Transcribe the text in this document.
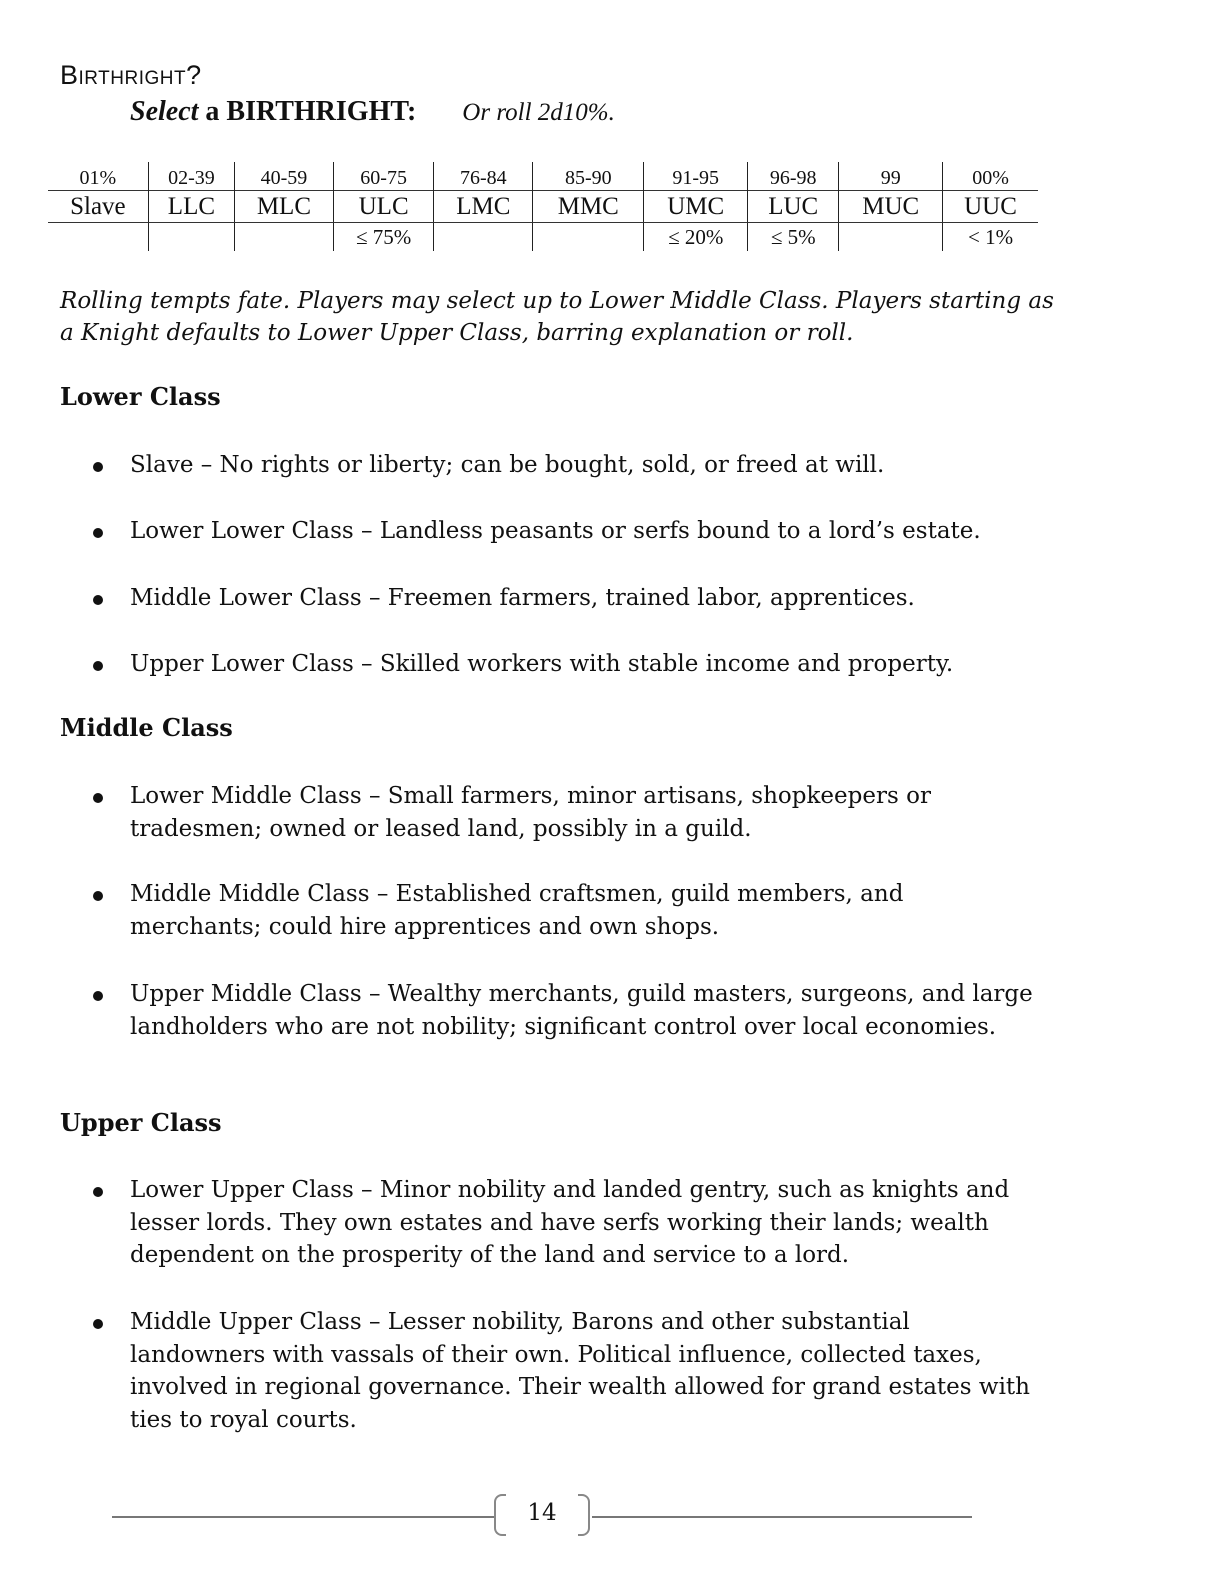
Birthright?
Select a BIRTHRIGHT: Or roll 2d10%.
01%	02-39	40-59	60-75	76-84	85-90	91-95	96-98	99	00%
Slave	LLC	MLC	ULC	LMC	MMC	UMC	LUC	MUC	UUC
			≤ 75%			≤ 20%	≤ 5%		< 1%

Rolling tempts fate. Players may select up to Lower Middle Class. Players starting as a Knight defaults to Lower Upper Class, barring explanation or roll.

Lower Class
Slave – No rights or liberty; can be bought, sold, or freed at will.
Lower Lower Class – Landless peasants or serfs bound to a lord’s estate.
Middle Lower Class – Freemen farmers, trained labor, apprentices.
Upper Lower Class – Skilled workers with stable income and property.
Middle Class
Lower Middle Class – Small farmers, minor artisans, shopkeepers or tradesmen; owned or leased land, possibly in a guild.
Middle Middle Class – Established craftsmen, guild members, and merchants; could hire apprentices and own shops.
Upper Middle Class – Wealthy merchants, guild masters, surgeons, and large landholders who are not nobility; significant control over local economies.
Upper Class
Lower Upper Class – Minor nobility and landed gentry, such as knights and lesser lords. They own estates and have serfs working their lands; wealth dependent on the prosperity of the land and service to a lord.
Middle Upper Class – Lesser nobility, Barons and other substantial landowners with vassals of their own. Political influence, collected taxes, involved in regional governance. Their wealth allowed for grand estates with ties to royal courts.
14
